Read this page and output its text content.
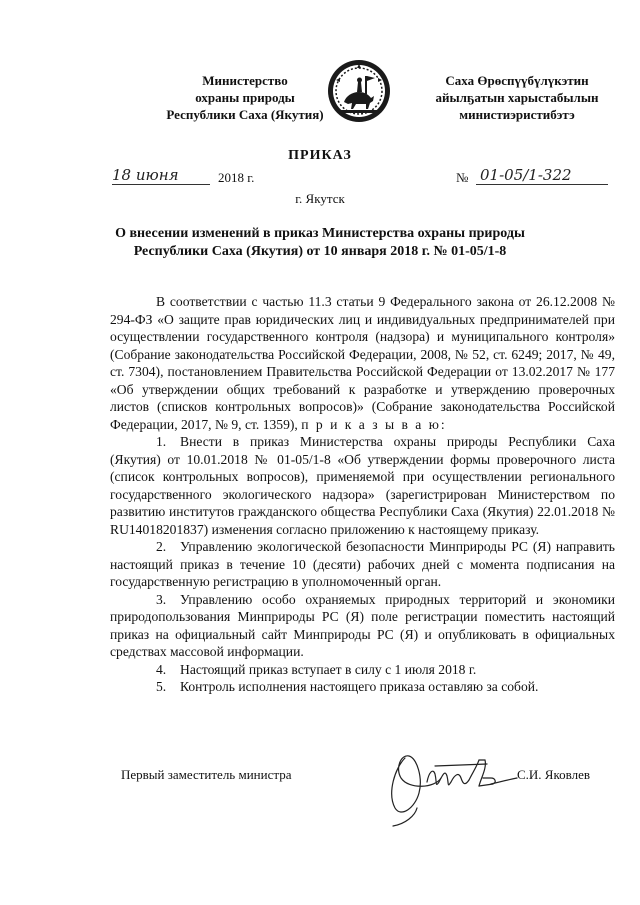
Министерство
охраны природы
Республики Саха (Якутия)
Саха Өрөспүүбүлүкэтин
айылҕатын харыстабылын
министиэристибэтэ
ПРИКАЗ
18 июня	2018 г.	№ 01-05/1-322
г. Якутск
О внесении изменений в приказ Министерства охраны природы Республики Саха (Якутия) от 10 января 2018 г. № 01-05/1-8

В соответствии с частью 11.3 статьи 9 Федерального закона от 26.12.2008 № 294-ФЗ «О защите прав юридических лиц и индивидуальных предпринимателей при осуществлении государственного контроля (надзора) и муниципального контроля» (Собрание законодательства Российской Федерации, 2008, № 52, ст. 6249; 2017, № 49, ст. 7304), постановлением Правительства Российской Федерации от 13.02.2017 № 177 «Об утверждении общих требований к разработке и утверждению проверочных листов (списков контрольных вопросов)» (Собрание законодательства Российской Федерации, 2017, № 9, ст. 1359), п р и к а з ы в а ю:

1. Внести в приказ Министерства охраны природы Республики Саха (Якутия) от 10.01.2018 № 01-05/1-8 «Об утверждении формы проверочного листа (список контрольных вопросов), применяемой при осуществлении регионального государственного экологического надзора» (зарегистрирован Министерством по развитию институтов гражданского общества Республики Саха (Якутия) 22.01.2018 № RU14018201837) изменения согласно приложению к настоящему приказу.

2. Управлению экологической безопасности Минприроды РС (Я) направить настоящий приказ в течение 10 (десяти) рабочих дней с момента подписания на государственную регистрацию в уполномоченный орган.

3. Управлению особо охраняемых природных территорий и экономики природопользования Минприроды РС (Я) поле регистрации поместить настоящий приказ на официальный сайт Минприроды РС (Я) и опубликовать в официальных средствах массовой информации.

4. Настоящий приказ вступает в силу с 1 июля 2018 г.

5. Контроль исполнения настоящего приказа оставляю за собой.

Первый заместитель министра	С.И. Яковлев
